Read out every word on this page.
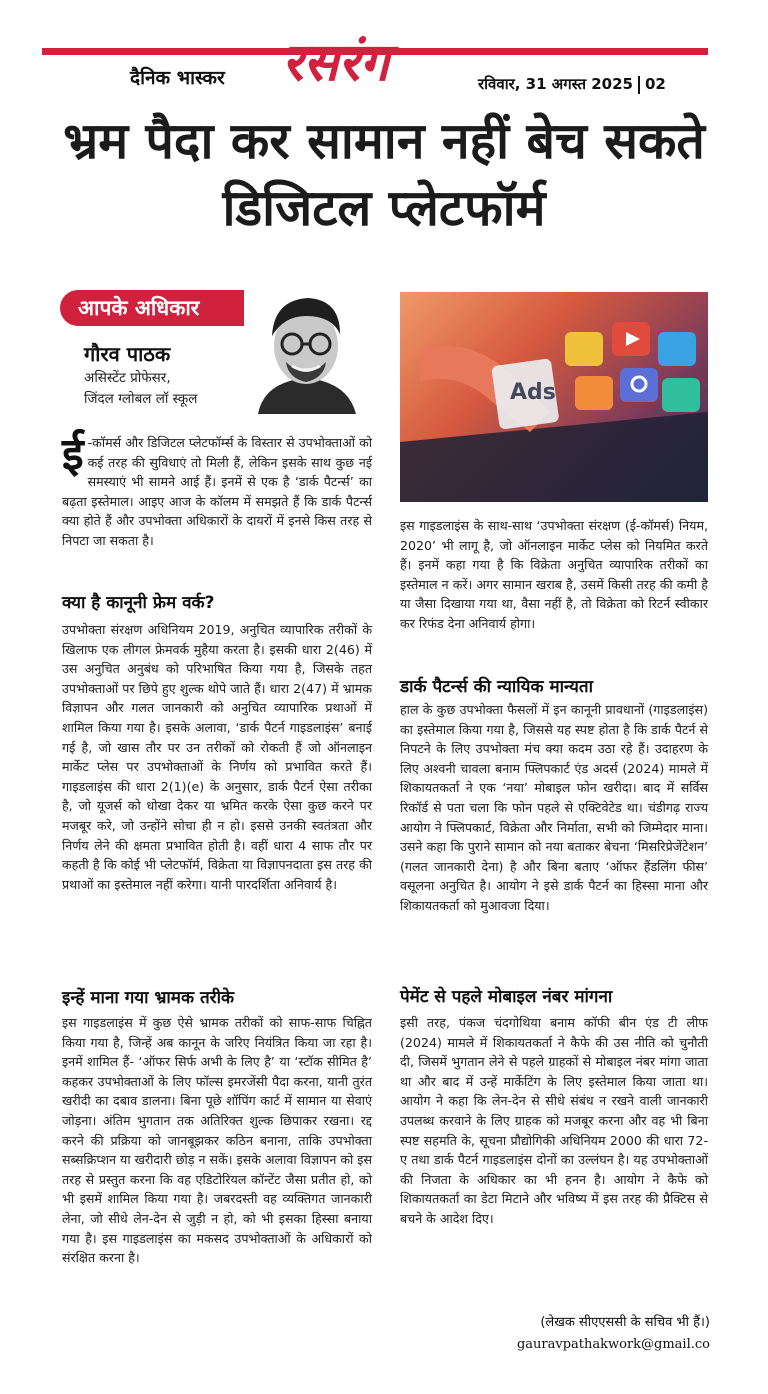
दैनिक भास्कर रसरंग	रविवार, 31 अगस्त 2025 02
भ्रम पैदा कर सामान नहीं बेच सकते डिजिटल प्लेटफॉर्म
आपके अधिकार
गौरव पाठक
असिस्टेंट प्रोफेसर,
जिंदल ग्लोबल लॉ स्कूल	Ads
ई -कॉमर्स और डिजिटल प्लेटफॉर्म्स के विस्तार से उपभोक्ताओं को कई तरह की सुविधाएं तो मिली हैं, लेकिन इसके साथ कुछ नई समस्याएं भी सामने आई हैं। इनमें से एक है ‘डार्क पैटर्न्स’ का बढ़ता इस्तेमाल। आइए आज के कॉलम में समझते हैं कि डार्क पैटर्न्स क्या होते हैं और उपभोक्ता अधिकारों के दायरों में इनसे किस तरह से निपटा जा सकता है।
क्या है कानूनी फ्रेम वर्क?
उपभोक्ता संरक्षण अधिनियम 2019, अनुचित व्यापारिक तरीकों के खिलाफ एक लीगल फ्रेमवर्क मुहैया करता है। इसकी धारा 2(46) में उस अनुचित अनुबंध को परिभाषित किया गया है, जिसके तहत उपभोक्ताओं पर छिपे हुए शुल्क थोपे जाते हैं। धारा 2(47) में भ्रामक विज्ञापन और गलत जानकारी को अनुचित व्यापारिक प्रथाओं में शामिल किया गया है। इसके अलावा, ‘डार्क पैटर्न गाइडलाइंस’ बनाई गई है, जो खास तौर पर उन तरीकों को रोकती हैं जो ऑनलाइन मार्केट प्लेस पर उपभोक्ताओं के निर्णय को प्रभावित करते हैं। गाइडलाइंस की धारा 2(1)(e) के अनुसार, डार्क पैटर्न ऐसा तरीका है, जो यूजर्स को धोखा देकर या भ्रमित करके ऐसा कुछ करने पर मजबूर करे, जो उन्होंने सोचा ही न हो। इससे उनकी स्वतंत्रता और निर्णय लेने की क्षमता प्रभावित होती है। वहीं धारा 4 साफ तौर पर कहती है कि कोई भी प्लेटफॉर्म, विक्रेता या विज्ञापनदाता इस तरह की प्रथाओं का इस्तेमाल नहीं करेगा। यानी पारदर्शिता अनिवार्य है।
इन्हें माना गया भ्रामक तरीके
इस गाइडलाइंस में कुछ ऐसे भ्रामक तरीकों को साफ-साफ चिह्नित किया गया है, जिन्हें अब कानून के जरिए नियंत्रित किया जा रहा है। इनमें शामिल हैं- ‘ऑफर सिर्फ अभी के लिए है’ या ‘स्टॉक सीमित है’ कहकर उपभोक्ताओं के लिए फॉल्स इमरजेंसी पैदा करना, यानी तुरंत खरीदी का दबाव डालना। बिना पूछे शॉपिंग कार्ट में सामान या सेवाएं जोड़ना। अंतिम भुगतान तक अतिरिक्त शुल्क छिपाकर रखना। रद्द करने की प्रक्रिया को जानबूझकर कठिन बनाना, ताकि उपभोक्ता सब्सक्रिप्शन या खरीदारी छोड़ न सकें। इसके अलावा विज्ञापन को इस तरह से प्रस्तुत करना कि वह एडिटोरियल कॉन्टेंट जैसा प्रतीत हो, को भी इसमें शामिल किया गया है। जबरदस्ती वह व्यक्तिगत जानकारी लेना, जो सीधे लेन-देन से जुड़ी न हो, को भी इसका हिस्सा बनाया गया है। इस गाइडलाइंस का मकसद उपभोक्ताओं के अधिकारों को संरक्षित करना है।
इस गाइडलाइंस के साथ-साथ ‘उपभोक्ता संरक्षण (ई-कॉमर्स) नियम, 2020’ भी लागू है, जो ऑनलाइन मार्केट प्लेस को नियमित करते हैं। इनमें कहा गया है कि विक्रेता अनुचित व्यापारिक तरीकों का इस्तेमाल न करें। अगर सामान खराब है, उसमें किसी तरह की कमी है या जैसा दिखाया गया था, वैसा नहीं है, तो विक्रेता को रिटर्न स्वीकार कर रिफंड देना अनिवार्य होगा।
डार्क पैटर्न्स की न्यायिक मान्यता
हाल के कुछ उपभोक्ता फैसलों में इन कानूनी प्रावधानों (गाइडलाइंस) का इस्तेमाल किया गया है, जिससे यह स्पष्ट होता है कि डार्क पैटर्न से निपटने के लिए उपभोक्ता मंच क्या कदम उठा रहे हैं। उदाहरण के लिए अश्वनी चावला बनाम फ्लिपकार्ट एंड अदर्स (2024) मामले में शिकायतकर्ता ने एक ‘नया’ मोबाइल फोन खरीदा। बाद में सर्विस रिकॉर्ड से पता चला कि फोन पहले से एक्टिवेटेड था। चंडीगढ़ राज्य आयोग ने फ्लिपकार्ट, विक्रेता और निर्माता, सभी को जिम्मेदार माना। उसने कहा कि पुराने सामान को नया बताकर बेचना ‘मिसरिप्रेजेंटेशन’ (गलत जानकारी देना) है और बिना बताए ‘ऑफर हैंडलिंग फीस’ वसूलना अनुचित है। आयोग ने इसे डार्क पैटर्न का हिस्सा माना और शिकायतकर्ता को मुआवजा दिया।
पेमेंट से पहले मोबाइल नंबर मांगना
इसी तरह, पंकज चंदगोथिया बनाम कॉफी बीन एंड टी लीफ (2024) मामले में शिकायतकर्ता ने कैफे की उस नीति को चुनौती दी, जिसमें भुगतान लेने से पहले ग्राहकों से मोबाइल नंबर मांगा जाता था और बाद में उन्हें मार्केटिंग के लिए इस्तेमाल किया जाता था। आयोग ने कहा कि लेन-देन से सीधे संबंध न रखने वाली जानकारी उपलब्ध करवाने के लिए ग्राहक को मजबूर करना और वह भी बिना स्पष्ट सहमति के, सूचना प्रौद्योगिकी अधिनियम 2000 की धारा 72-ए तथा डार्क पैटर्न गाइडलाइंस दोनों का उल्लंघन है। यह उपभोक्ताओं की निजता के अधिकार का भी हनन है। आयोग ने कैफे को शिकायतकर्ता का डेटा मिटाने और भविष्य में इस तरह की प्रैक्टिस से बचने के आदेश दिए।
(लेखक सीएएससी के सचिव भी हैं।)
gauravpathakwork@gmail.co
